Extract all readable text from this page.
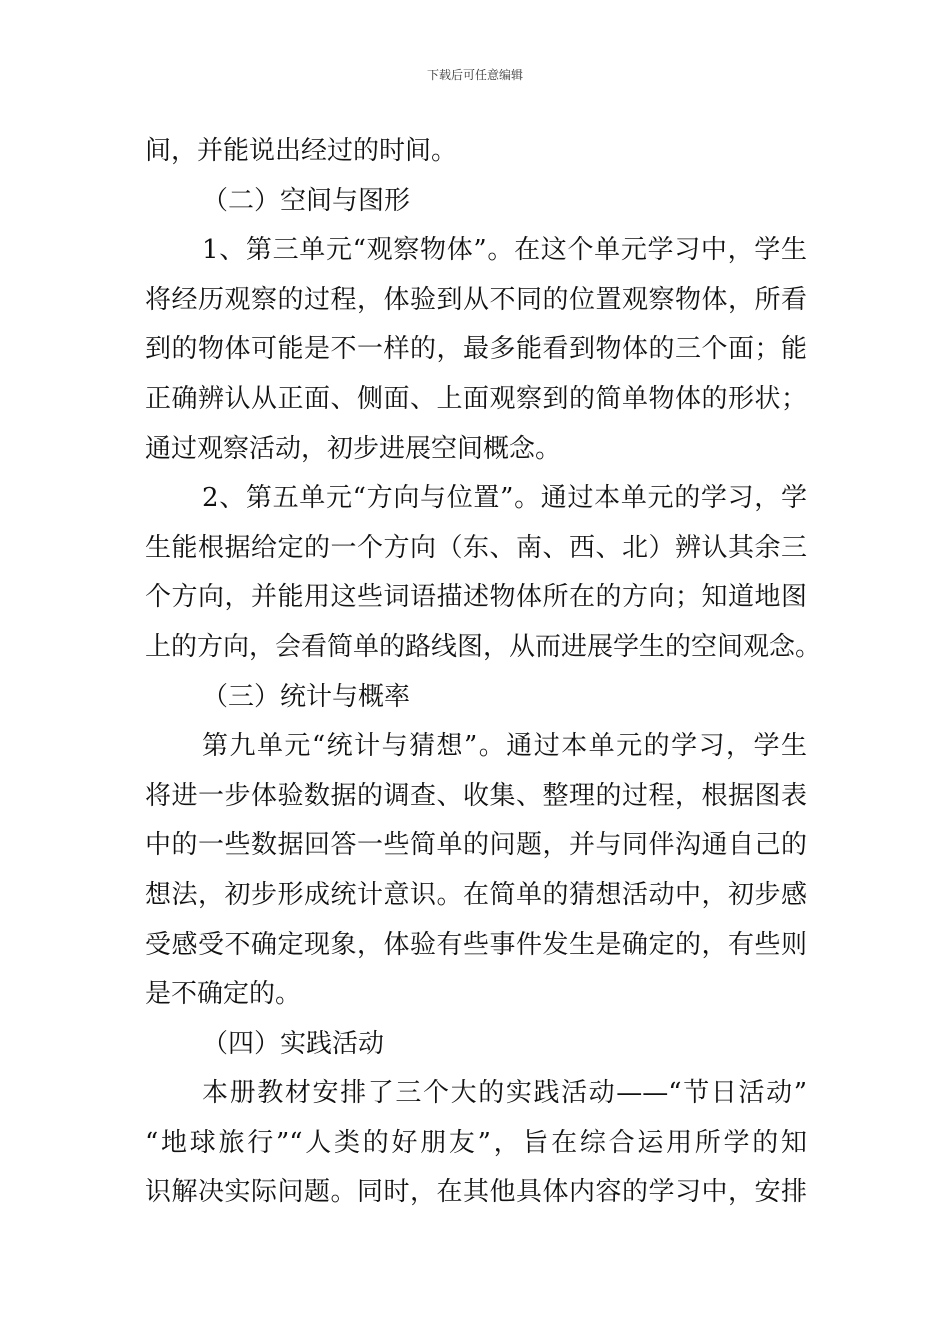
下载后可任意编辑
间，并能说出经过的时间。
（二）空间与图形
1、第三单元“观察物体”。在这个单元学习中，学生
将经历观察的过程，体验到从不同的位置观察物体，所看
到的物体可能是不一样的，最多能看到物体的三个面；能
正确辨认从正面、侧面、上面观察到的简单物体的形状；
通过观察活动，初步进展空间概念。
2、第五单元“方向与位置”。通过本单元的学习，学
生能根据给定的一个方向（东、南、西、北）辨认其余三
个方向，并能用这些词语描述物体所在的方向；知道地图
上的方向，会看简单的路线图，从而进展学生的空间观念。
（三）统计与概率
第九单元“统计与猜想”。通过本单元的学习，学生
将进一步体验数据的调查、收集、整理的过程，根据图表
中的一些数据回答一些简单的问题，并与同伴沟通自己的
想法，初步形成统计意识。在简单的猜想活动中，初步感
受感受不确定现象，体验有些事件发生是确定的，有些则
是不确定的。
（四）实践活动
本册教材安排了三个大的实践活动——“节日活动”
“地球旅行”“人类的好朋友”，旨在综合运用所学的知
识解决实际问题。同时，在其他具体内容的学习中，安排
